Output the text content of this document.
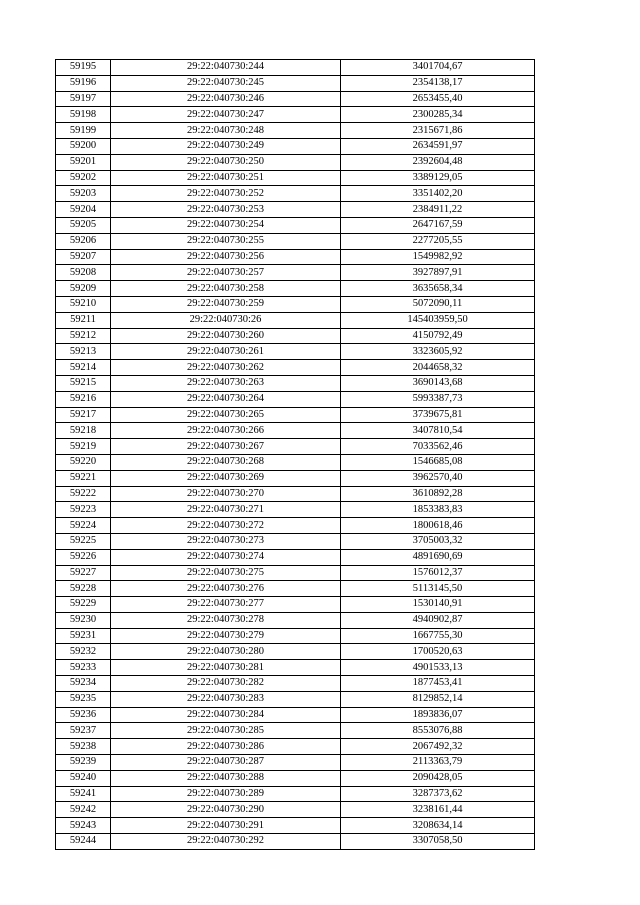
59195	29:22:040730:244	3401704,67
59196	29:22:040730:245	2354138,17
59197	29:22:040730:246	2653455,40
59198	29:22:040730:247	2300285,34
59199	29:22:040730:248	2315671,86
59200	29:22:040730:249	2634591,97
59201	29:22:040730:250	2392604,48
59202	29:22:040730:251	3389129,05
59203	29:22:040730:252	3351402,20
59204	29:22:040730:253	2384911,22
59205	29:22:040730:254	2647167,59
59206	29:22:040730:255	2277205,55
59207	29:22:040730:256	1549982,92
59208	29:22:040730:257	3927897,91
59209	29:22:040730:258	3635658,34
59210	29:22:040730:259	5072090,11
59211	29:22:040730:26	145403959,50
59212	29:22:040730:260	4150792,49
59213	29:22:040730:261	3323605,92
59214	29:22:040730:262	2044658,32
59215	29:22:040730:263	3690143,68
59216	29:22:040730:264	5993387,73
59217	29:22:040730:265	3739675,81
59218	29:22:040730:266	3407810,54
59219	29:22:040730:267	7033562,46
59220	29:22:040730:268	1546685,08
59221	29:22:040730:269	3962570,40
59222	29:22:040730:270	3610892,28
59223	29:22:040730:271	1853383,83
59224	29:22:040730:272	1800618,46
59225	29:22:040730:273	3705003,32
59226	29:22:040730:274	4891690,69
59227	29:22:040730:275	1576012,37
59228	29:22:040730:276	5113145,50
59229	29:22:040730:277	1530140,91
59230	29:22:040730:278	4940902,87
59231	29:22:040730:279	1667755,30
59232	29:22:040730:280	1700520,63
59233	29:22:040730:281	4901533,13
59234	29:22:040730:282	1877453,41
59235	29:22:040730:283	8129852,14
59236	29:22:040730:284	1893836,07
59237	29:22:040730:285	8553076,88
59238	29:22:040730:286	2067492,32
59239	29:22:040730:287	2113363,79
59240	29:22:040730:288	2090428,05
59241	29:22:040730:289	3287373,62
59242	29:22:040730:290	3238161,44
59243	29:22:040730:291	3208634,14
59244	29:22:040730:292	3307058,50
